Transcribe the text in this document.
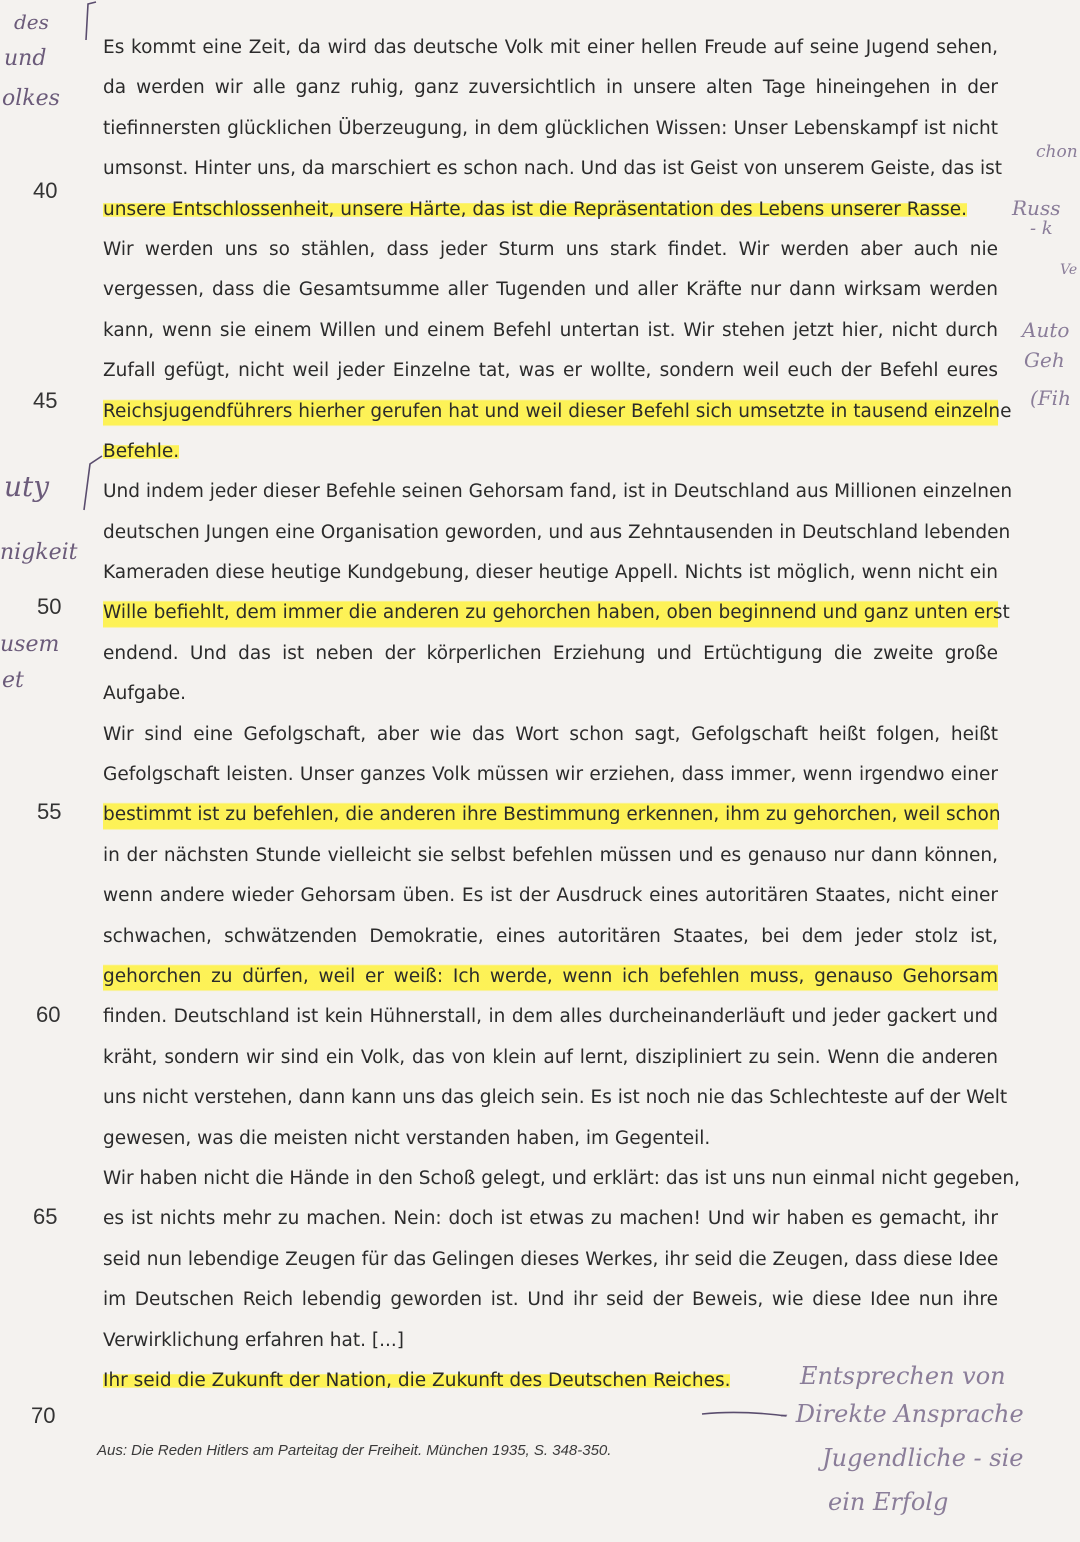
des
und
olkes
uty
nigkeit
usem
et
40
45
50
55
60
65
70
Es kommt eine Zeit, da wird das deutsche Volk mit einer hellen Freude auf seine Jugend sehen,
da werden wir alle ganz ruhig, ganz zuversichtlich in unsere alten Tage hineingehen in der
tiefinnersten glücklichen Überzeugung, in dem glücklichen Wissen: Unser Lebenskampf ist nicht
umsonst. Hinter uns, da marschiert es schon nach. Und das ist Geist von unserem Geiste, das ist
unsere Entschlossenheit, unsere Härte, das ist die Repräsentation des Lebens unserer Rasse.
Wir werden uns so stählen, dass jeder Sturm uns stark findet. Wir werden aber auch nie
vergessen, dass die Gesamtsumme aller Tugenden und aller Kräfte nur dann wirksam werden
kann, wenn sie einem Willen und einem Befehl untertan ist. Wir stehen jetzt hier, nicht durch
Zufall gefügt, nicht weil jeder Einzelne tat, was er wollte, sondern weil euch der Befehl eures
Reichsjugendführers hierher gerufen hat und weil dieser Befehl sich umsetzte in tausend einzelne
Befehle.
Und indem jeder dieser Befehle seinen Gehorsam fand, ist in Deutschland aus Millionen einzelnen
deutschen Jungen eine Organisation geworden, und aus Zehntausenden in Deutschland lebenden
Kameraden diese heutige Kundgebung, dieser heutige Appell. Nichts ist möglich, wenn nicht ein
Wille befiehlt, dem immer die anderen zu gehorchen haben, oben beginnend und ganz unten erst
endend. Und das ist neben der körperlichen Erziehung und Ertüchtigung die zweite große
Aufgabe.
Wir sind eine Gefolgschaft, aber wie das Wort schon sagt, Gefolgschaft heißt folgen, heißt
Gefolgschaft leisten. Unser ganzes Volk müssen wir erziehen, dass immer, wenn irgendwo einer
bestimmt ist zu befehlen, die anderen ihre Bestimmung erkennen, ihm zu gehorchen, weil schon
in der nächsten Stunde vielleicht sie selbst befehlen müssen und es genauso nur dann können,
wenn andere wieder Gehorsam üben. Es ist der Ausdruck eines autoritären Staates, nicht einer
schwachen, schwätzenden Demokratie, eines autoritären Staates, bei dem jeder stolz ist,
gehorchen zu dürfen, weil er weiß: Ich werde, wenn ich befehlen muss, genauso Gehorsam
finden. Deutschland ist kein Hühnerstall, in dem alles durcheinanderläuft und jeder gackert und
kräht, sondern wir sind ein Volk, das von klein auf lernt, diszipliniert zu sein. Wenn die anderen
uns nicht verstehen, dann kann uns das gleich sein. Es ist noch nie das Schlechteste auf der Welt
gewesen, was die meisten nicht verstanden haben, im Gegenteil.
Wir haben nicht die Hände in den Schoß gelegt, und erklärt: das ist uns nun einmal nicht gegeben,
es ist nichts mehr zu machen. Nein: doch ist etwas zu machen! Und wir haben es gemacht, ihr
seid nun lebendige Zeugen für das Gelingen dieses Werkes, ihr seid die Zeugen, dass diese Idee
im Deutschen Reich lebendig geworden ist. Und ihr seid der Beweis, wie diese Idee nun ihre
Verwirklichung erfahren hat. [...]
Ihr seid die Zukunft der Nation, die Zukunft des Deutschen Reiches.
chon
Russ
- k
Ve
Auto
Geh
(Fih
Entsprechen von
- Direkte Ansprache
Jugendliche - sie
ein Erfolg
Aus: Die Reden Hitlers am Parteitag der Freiheit. München 1935, S. 348-350.
